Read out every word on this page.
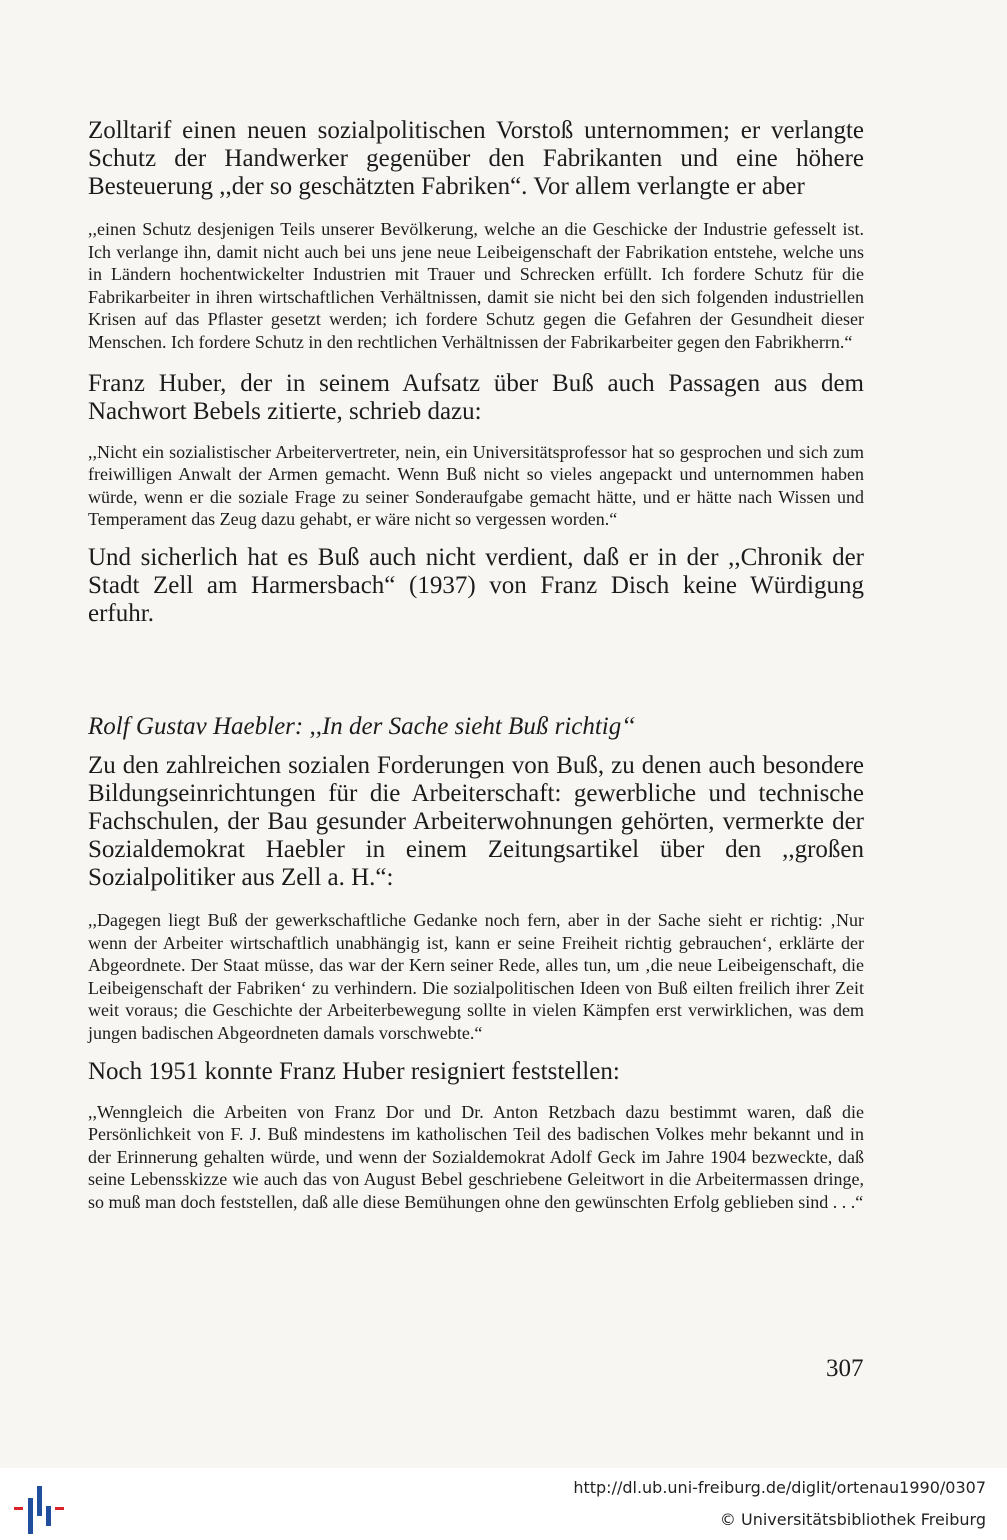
Zolltarif einen neuen sozialpolitischen Vorstoß unternommen; er verlangte Schutz der Handwerker gegenüber den Fabrikanten und eine höhere Besteuerung ,,der so geschätzten Fabriken“. Vor allem verlangte er aber

,,einen Schutz desjenigen Teils unserer Bevölkerung, welche an die Geschicke der Industrie gefesselt ist. Ich verlange ihn, damit nicht auch bei uns jene neue Leibeigenschaft der Fabrikation entstehe, welche uns in Ländern hochentwickelter Industrien mit Trauer und Schrecken erfüllt. Ich fordere Schutz für die Fabrikarbeiter in ihren wirtschaftlichen Verhältnissen, damit sie nicht bei den sich folgenden industriellen Krisen auf das Pflaster gesetzt werden; ich fordere Schutz gegen die Gefahren der Gesundheit dieser Menschen. Ich fordere Schutz in den rechtlichen Verhältnissen der Fabrikarbeiter gegen den Fabrikherrn.“

Franz Huber, der in seinem Aufsatz über Buß auch Passagen aus dem Nachwort Bebels zitierte, schrieb dazu:

,,Nicht ein sozialistischer Arbeitervertreter, nein, ein Universitätsprofessor hat so gesprochen und sich zum freiwilligen Anwalt der Armen gemacht. Wenn Buß nicht so vieles angepackt und unternommen haben würde, wenn er die soziale Frage zu seiner Sonderaufgabe gemacht hätte, und er hätte nach Wissen und Temperament das Zeug dazu gehabt, er wäre nicht so vergessen worden.“

Und sicherlich hat es Buß auch nicht verdient, daß er in der ,,Chronik der Stadt Zell am Harmersbach“ (1937) von Franz Disch keine Würdigung erfuhr.

Rolf Gustav Haebler: ,,In der Sache sieht Buß richtig‘‘

Zu den zahlreichen sozialen Forderungen von Buß, zu denen auch besondere Bildungseinrichtungen für die Arbeiterschaft: gewerbliche und technische Fachschulen, der Bau gesunder Arbeiterwohnungen gehörten, vermerkte der Sozialdemokrat Haebler in einem Zeitungsartikel über den ,,großen Sozialpolitiker aus Zell a. H.“:

,,Dagegen liegt Buß der gewerkschaftliche Gedanke noch fern, aber in der Sache sieht er richtig: ‚Nur wenn der Arbeiter wirtschaftlich unabhängig ist, kann er seine Freiheit richtig gebrauchen‘, erklärte der Abgeordnete. Der Staat müsse, das war der Kern seiner Rede, alles tun, um ‚die neue Leibeigenschaft, die Leibeigenschaft der Fabriken‘ zu verhindern. Die sozialpolitischen Ideen von Buß eilten freilich ihrer Zeit weit voraus; die Geschichte der Arbeiterbewegung sollte in vielen Kämpfen erst verwirklichen, was dem jungen badischen Abgeordneten damals vorschwebte.“

Noch 1951 konnte Franz Huber resigniert feststellen:

,,Wenngleich die Arbeiten von Franz Dor und Dr. Anton Retzbach dazu bestimmt waren, daß die Persönlichkeit von F. J. Buß mindestens im katholischen Teil des badischen Volkes mehr bekannt und in der Erinnerung gehalten würde, und wenn der Sozialdemokrat Adolf Geck im Jahre 1904 bezweckte, daß seine Lebensskizze wie auch das von August Bebel geschriebene Geleitwort in die Arbeitermassen dringe, so muß man doch feststellen, daß alle diese Bemühungen ohne den gewünschten Erfolg geblieben sind . . .“

307
http://dl.ub.uni-freiburg.de/diglit/ortenau1990/0307
© Universitätsbibliothek Freiburg
